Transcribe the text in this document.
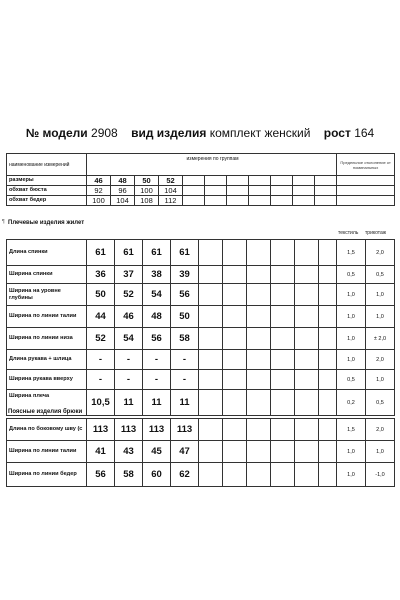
№ модели 2908 вид изделия комплект женский рост 164
наименование измерений	измерения по группам											Предельное отклонение от номинальных
размеры	46	48	50	52								
обхват бюста	92	96	100	104								
обхват бедер	100	104	108	112								
¶ Плечевые изделия жилет
текстиль трикотаж
Длина спинки	61	61	61	61							1,5	2,0
Ширина спинки	36	37	38	39							0,5	0,5
Ширина на уровне глубины	50	52	54	56							1,0	1,0
Ширина по линии талии	44	46	48	50							1,0	1,0
Ширина по линии низа	52	54	56	58							1,0	± 2,0
Длина рукава + шлица	-	-	-	-							1,0	2,0
Ширина рукава вверху	-	-	-	-							0,5	1,0
Ширина плеча	10,5	11	11	11							0,2	0,5
Поясные изделия брюки
Длина по боковому шву (с	113	113	113	113							1,5	2,0
Ширина по линии талии	41	43	45	47							1,0	1,0
Ширина по линии бедер	56	58	60	62							1,0	-1,0
